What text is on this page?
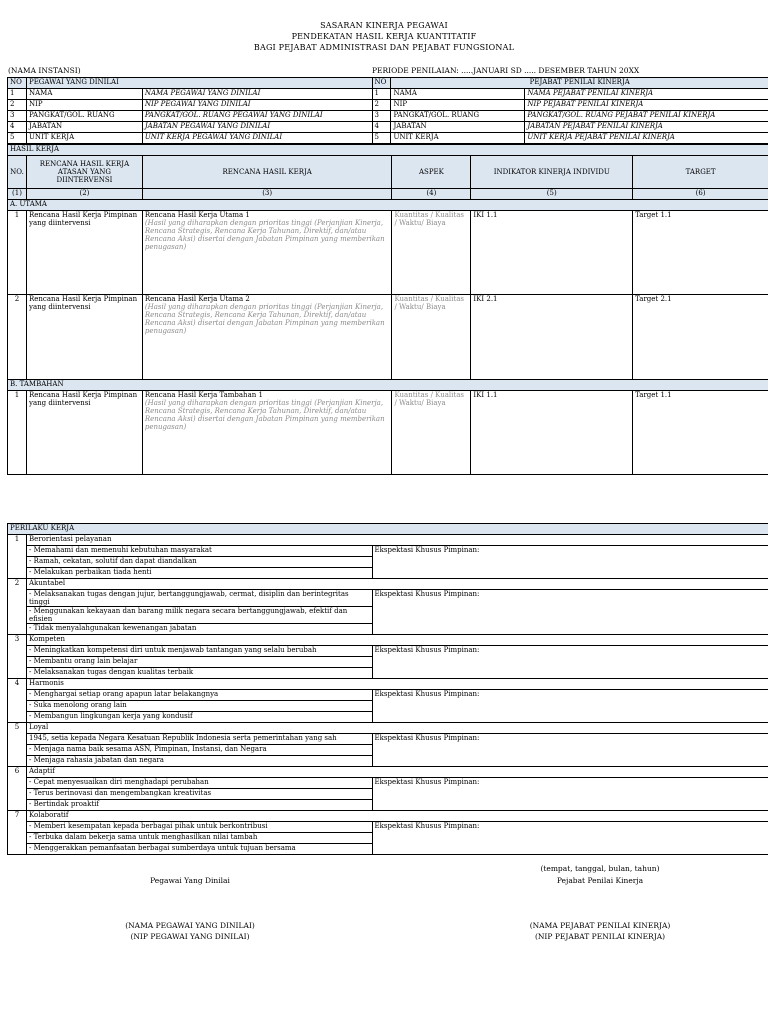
SASARAN KINERJA PEGAWAI
PENDEKATAN HASIL KERJA KUANTITATIF
BAGI PEJABAT ADMINISTRASI DAN PEJABAT FUNGSIONAL
(NAMA INSTANSI)	PERIODE PENILAIAN: .....JANUARI SD ..... DESEMBER TAHUN 20XX
NO	PEGAWAI YANG DINILAI		NO	PEJABAT PENILAI KINERJA	
1	NAMA	NAMA PEGAWAI YANG DINILAI	1	NAMA	NAMA PEJABAT PENILAI KINERJA
2	NIP	NIP PEGAWAI YANG DINILAI	2	NIP	NIP PEJABAT PENILAI KINERJA
3	PANGKAT/GOL. RUANG	PANGKAT/GOL. RUANG PEGAWAI YANG DINILAI	3	PANGKAT/GOL. RUANG	PANGKAT/GOL. RUANG PEJABAT PENILAI KINERJA
4	JABATAN	JABATAN PEGAWAI YANG DINILAI	4	JABATAN	JABATAN PEJABAT PENILAI KINERJA
5	UNIT KERJA	UNIT KERJA PEGAWAI YANG DINILAI	5	UNIT KERJA	UNIT KERJA PEJABAT PENILAI KINERJA
HASIL KERJA					
NO.	RENCANA HASIL KERJA ATASAN YANG DIINTERVENSI	RENCANA HASIL KERJA	ASPEK	INDIKATOR KINERJA INDIVIDU	TARGET
(1)	(2)	(3)	(4)	(5)	(6)
A. UTAMA					
1	Rencana Hasil Kerja Pimpinan yang diintervensi	Rencana Hasil Kerja Utama 1
(Hasil yang diharapkan dengan prioritas tinggi (Perjanjian Kinerja, Rencana Strategis, Rencana Kerja Tahunan, Direktif, dan/atau Rencana Aksi) disertai dengan Jabatan Pimpinan yang memberikan penugasan)	Kuantitas / Kualitas / Waktu/ Biaya	IKI 1.1	Target 1.1
2	Rencana Hasil Kerja Pimpinan yang diintervensi	Rencana Hasil Kerja Utama 2
(Hasil yang diharapkan dengan prioritas tinggi (Perjanjian Kinerja, Rencana Strategis, Rencana Kerja Tahunan, Direktif, dan/atau Rencana Aksi) disertai dengan Jabatan Pimpinan yang memberikan penugasan)	Kuantitas / Kualitas / Waktu/ Biaya	IKI 2.1	Target 2.1
B. TAMBAHAN					
1	Rencana Hasil Kerja Pimpinan yang diintervensi	Rencana Hasil Kerja Tambahan 1
(Hasil yang diharapkan dengan prioritas tinggi (Perjanjian Kinerja, Rencana Strategis, Rencana Kerja Tahunan, Direktif, dan/atau Rencana Aksi) disertai dengan Jabatan Pimpinan yang memberikan penugasan)	Kuantitas / Kualitas / Waktu/ Biaya	IKI 1.1	Target 1.1
PERILAKU KERJA		
1	Berorientasi pelayanan	
	- Memahami dan memenuhi kebutuhan masyarakat	Ekspektasi Khusus Pimpinan:
	- Ramah, cekatan, solutif dan dapat diandalkan	
	- Melakukan perbaikan tiada henti	
2	Akuntabel	
	- Melaksanakan tugas dengan jujur, bertanggungjawab, cermat, disiplin dan berintegritas tinggi	Ekspektasi Khusus Pimpinan:
	- Menggunakan kekayaan dan barang milik negara secara bertanggungjawab, efektif dan efisien	
	- Tidak menyalahgunakan kewenangan jabatan	
3	Kompeten	
	- Meningkatkan kompetensi diri untuk menjawab tantangan yang selalu berubah	Ekspektasi Khusus Pimpinan:
	- Membantu orang lain belajar	
	- Melaksanakan tugas dengan kualitas terbaik	
4	Harmonis	
	- Menghargai setiap orang apapun latar belakangnya	Ekspektasi Khusus Pimpinan:
	- Suka menolong orang lain	
	- Membangun lingkungan kerja yang kondusif	
5	Loyal	
	1945, setia kepada Negara Kesatuan Republik Indonesia serta pemerintahan yang sah	Ekspektasi Khusus Pimpinan:
	- Menjaga nama baik sesama ASN, Pimpinan, Instansi, dan Negara	
	- Menjaga rahasia jabatan dan negara	
6	Adaptif	
	- Cepat menyesuaikan diri menghadapi perubahan	Ekspektasi Khusus Pimpinan:
	- Terus berinovasi dan mengembangkan kreativitas	
	- Bertindak proaktif	
7	Kolaboratif	
	- Memberi kesempatan kepada berbagai pihak untuk berkontribusi	Ekspektasi Khusus Pimpinan:
	- Terbuka dalam bekerja sama untuk menghasilkan nilai tambah	
	- Menggerakkan pemanfaatan berbagai sumberdaya untuk tujuan bersama	
(tempat, tanggal, bulan, tahun)
Pegawai Yang Dinilai	Pejabat Penilai Kinerja
(NAMA PEGAWAI YANG DINILAI)
(NIP PEGAWAI YANG DINILAI)
(NAMA PEJABAT PENILAI KINERJA)
(NIP PEJABAT PENILAI KINERJA)
